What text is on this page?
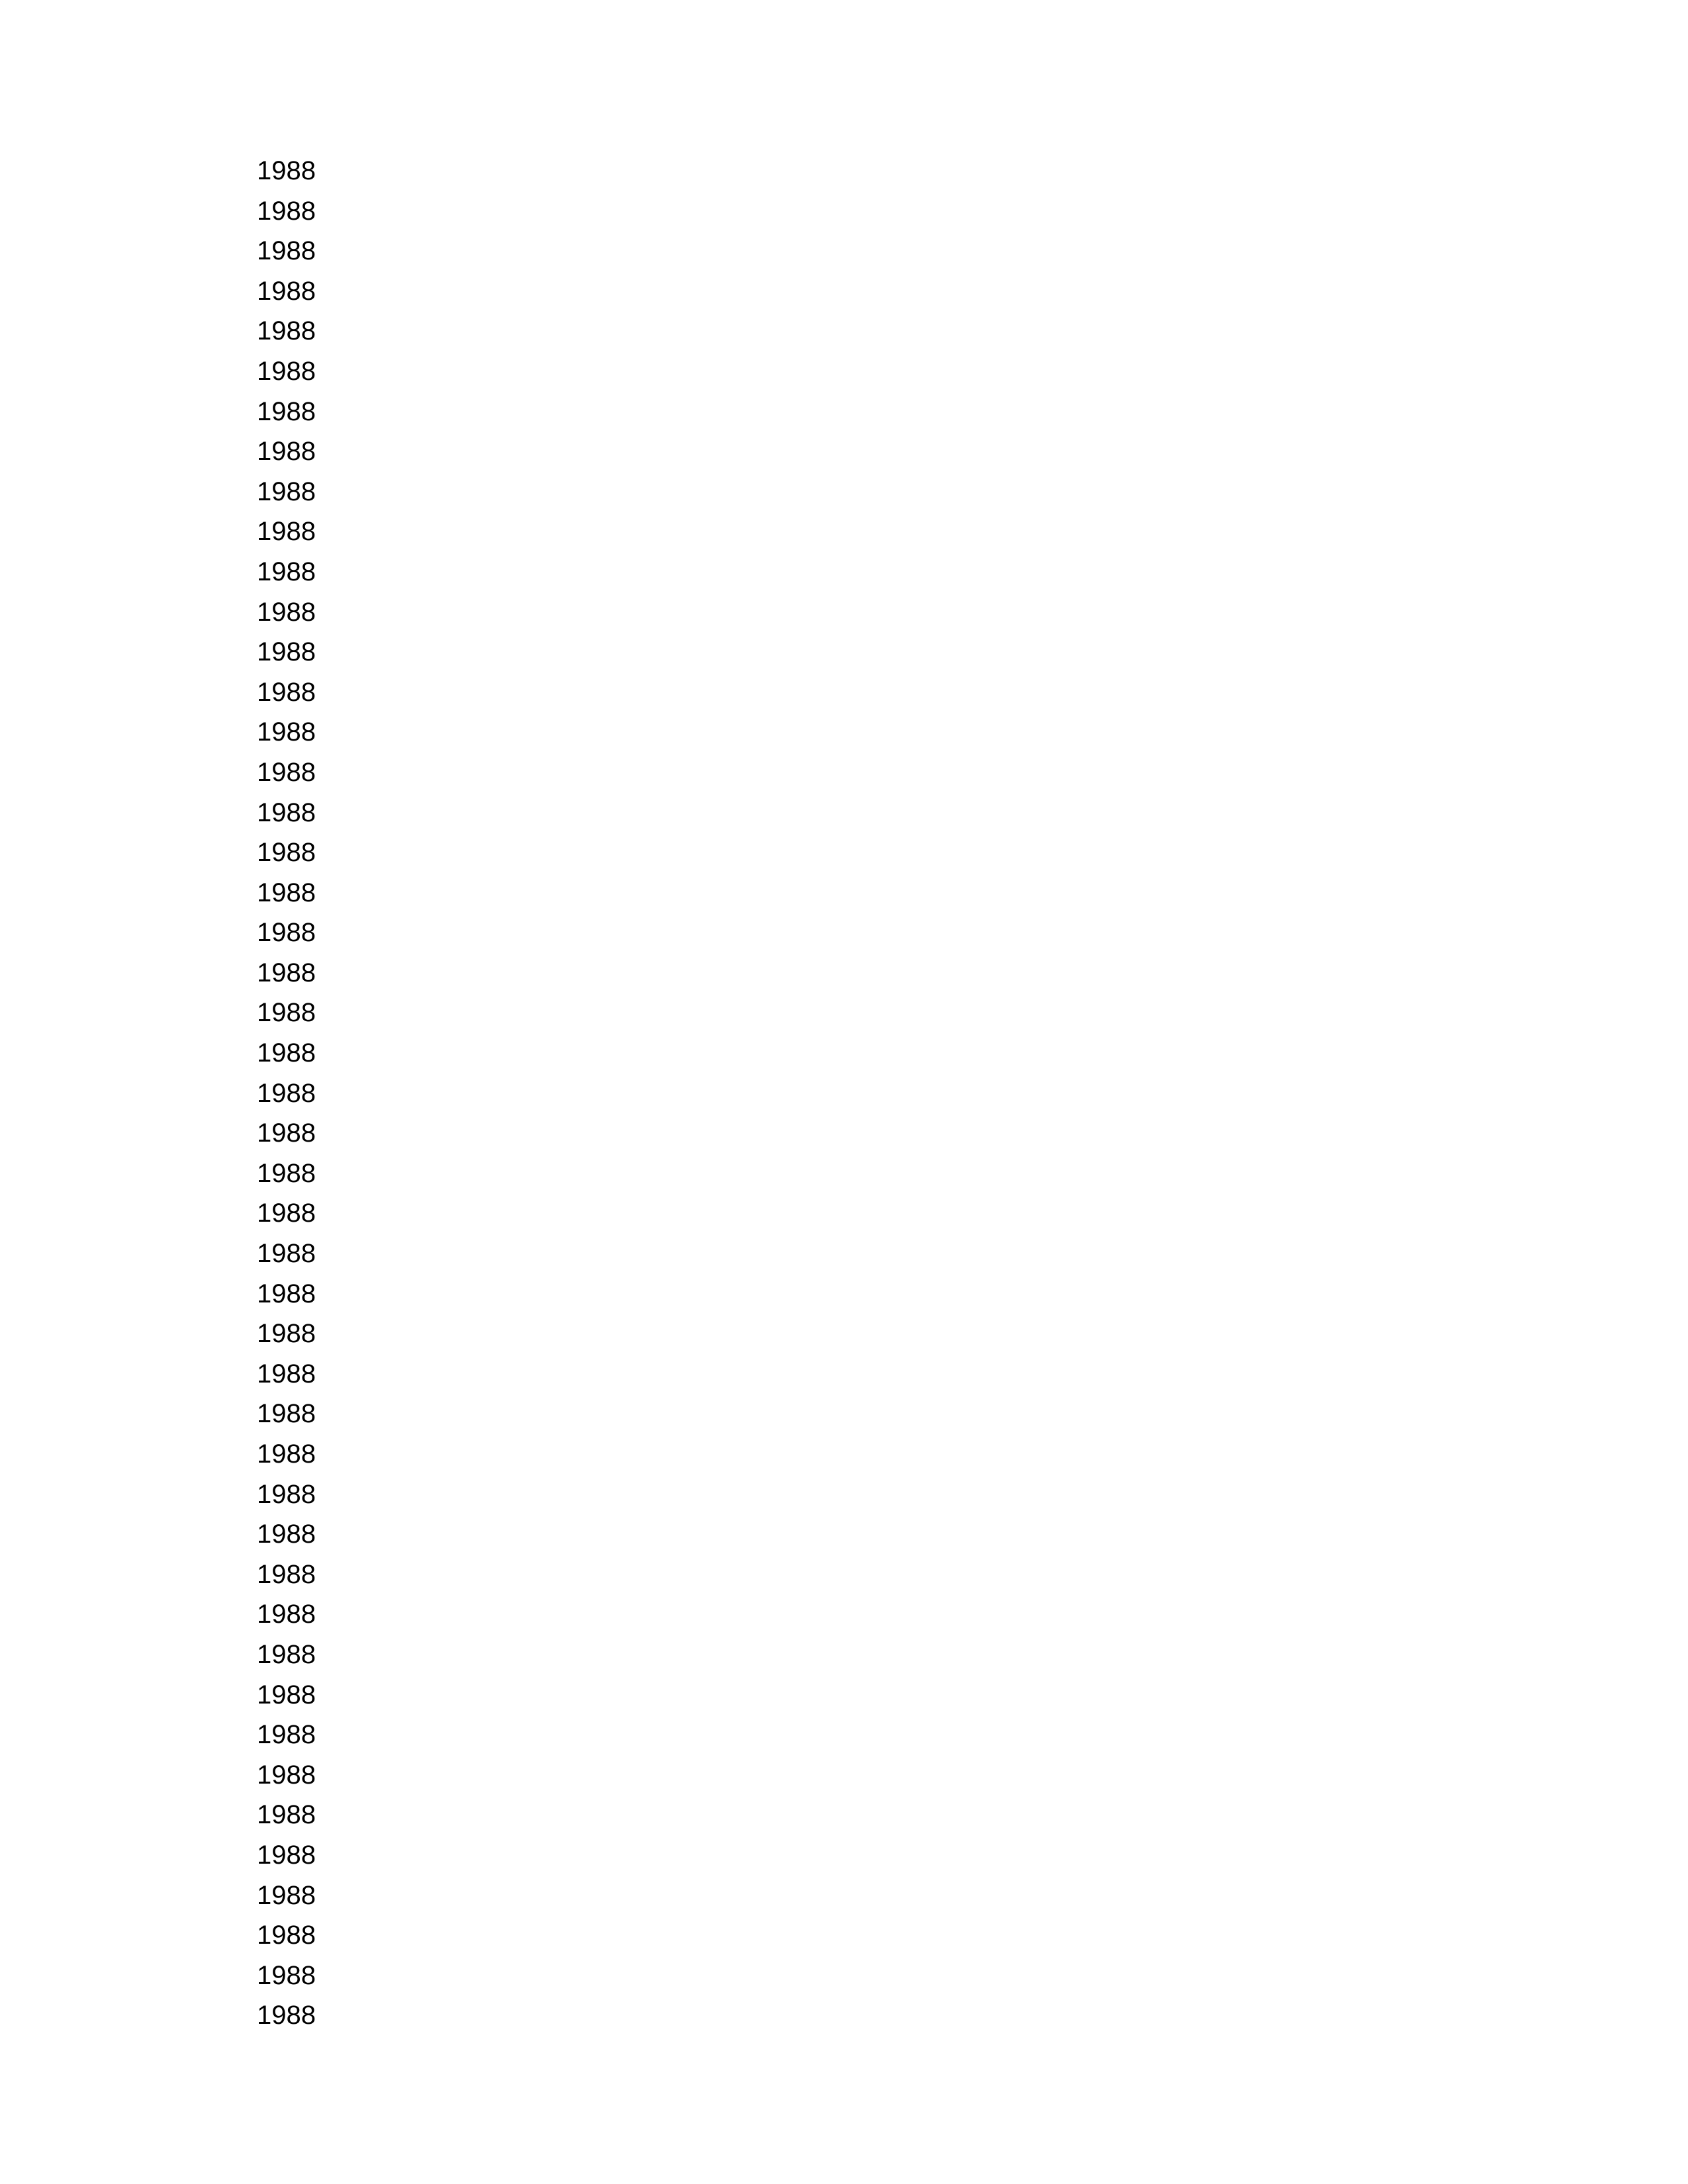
1988
1988
1988
1988
1988
1988
1988
1988
1988
1988
1988
1988
1988
1988
1988
1988
1988
1988
1988
1988
1988
1988
1988
1988
1988
1988
1988
1988
1988
1988
1988
1988
1988
1988
1988
1988
1988
1988
1988
1988
1988
1988
1988
1988
1988
1988
1988
